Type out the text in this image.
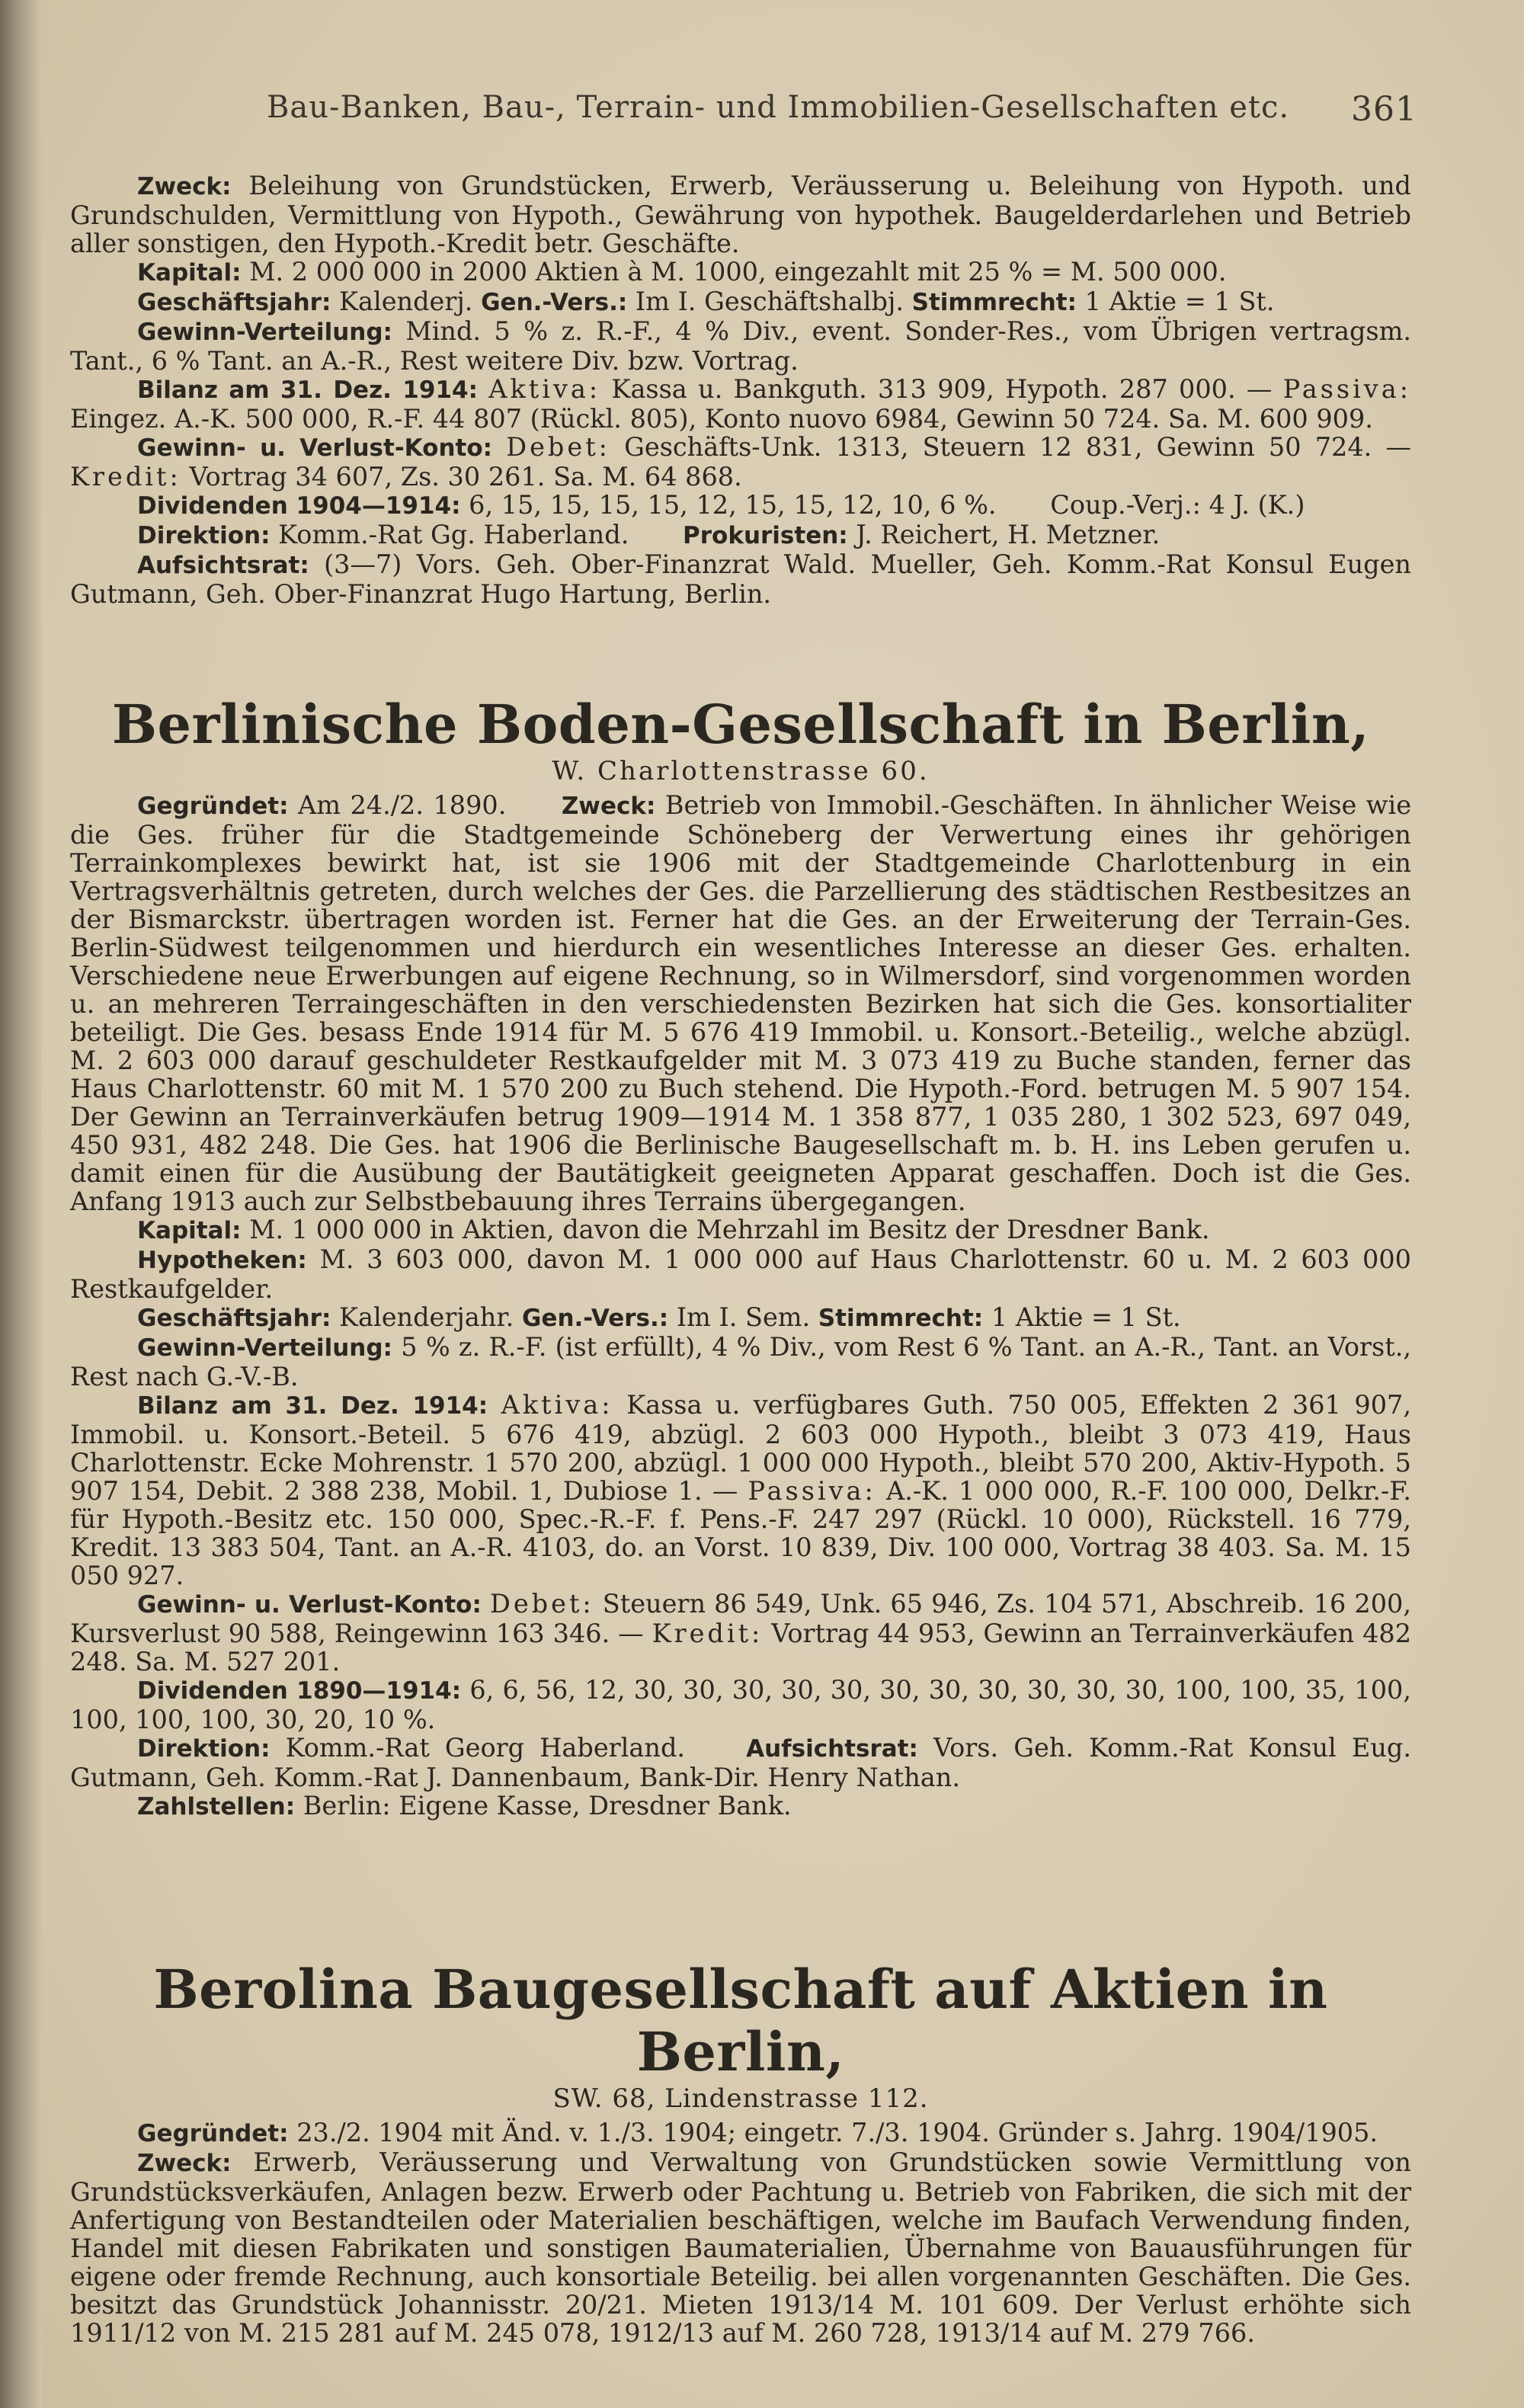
Bau-Banken, Bau-, Terrain- und Immobilien-Gesellschaften etc. 361

Zweck: Beleihung von Grundstücken, Erwerb, Veräusserung u. Beleihung von Hypoth. und Grundschulden, Vermittlung von Hypoth., Gewährung von hypothek. Baugelderdarlehen und Betrieb aller sonstigen, den Hypoth.-Kredit betr. Geschäfte.

Kapital: M. 2 000 000 in 2000 Aktien à M. 1000, eingezahlt mit 25 % = M. 500 000.

Geschäftsjahr: Kalenderj. Gen.-Vers.: Im I. Geschäftshalbj. Stimmrecht: 1 Aktie = 1 St.

Gewinn-Verteilung: Mind. 5 % z. R.-F., 4 % Div., event. Sonder-Res., vom Übrigen vertragsm. Tant., 6 % Tant. an A.-R., Rest weitere Div. bzw. Vortrag.

Bilanz am 31. Dez. 1914: Aktiva: Kassa u. Bankguth. 313 909, Hypoth. 287 000. — Passiva: Eingez. A.-K. 500 000, R.-F. 44 807 (Rückl. 805), Konto nuovo 6984, Gewinn 50 724. Sa. M. 600 909.

Gewinn- u. Verlust-Konto: Debet: Geschäfts-Unk. 1313, Steuern 12 831, Gewinn 50 724. — Kredit: Vortrag 34 607, Zs. 30 261. Sa. M. 64 868.

Dividenden 1904—1914: 6, 15, 15, 15, 15, 12, 15, 15, 12, 10, 6 %. Coup.-Verj.: 4 J. (K.)

Direktion: Komm.-Rat Gg. Haberland. Prokuristen: J. Reichert, H. Metzner.

Aufsichtsrat: (3—7) Vors. Geh. Ober-Finanzrat Wald. Mueller, Geh. Komm.-Rat Konsul Eugen Gutmann, Geh. Ober-Finanzrat Hugo Hartung, Berlin.

Berlinische Boden-Gesellschaft in Berlin,
W. Charlottenstrasse 60.

Gegründet: Am 24./2. 1890. Zweck: Betrieb von Immobil.-Geschäften. In ähnlicher Weise wie die Ges. früher für die Stadtgemeinde Schöneberg der Verwertung eines ihr gehörigen Terrainkomplexes bewirkt hat, ist sie 1906 mit der Stadtgemeinde Charlottenburg in ein Vertragsverhältnis getreten, durch welches der Ges. die Parzellierung des städtischen Restbesitzes an der Bismarckstr. übertragen worden ist. Ferner hat die Ges. an der Erweiterung der Terrain-Ges. Berlin-Südwest teilgenommen und hierdurch ein wesentliches Interesse an dieser Ges. erhalten. Verschiedene neue Erwerbungen auf eigene Rechnung, so in Wilmersdorf, sind vorgenommen worden u. an mehreren Terraingeschäften in den verschiedensten Bezirken hat sich die Ges. konsortialiter beteiligt. Die Ges. besass Ende 1914 für M. 5 676 419 Immobil. u. Konsort.-Beteilig., welche abzügl. M. 2 603 000 darauf geschuldeter Restkaufgelder mit M. 3 073 419 zu Buche standen, ferner das Haus Charlottenstr. 60 mit M. 1 570 200 zu Buch stehend. Die Hypoth.-Ford. betrugen M. 5 907 154. Der Gewinn an Terrainverkäufen betrug 1909—1914 M. 1 358 877, 1 035 280, 1 302 523, 697 049, 450 931, 482 248. Die Ges. hat 1906 die Berlinische Baugesellschaft m. b. H. ins Leben gerufen u. damit einen für die Ausübung der Bautätigkeit geeigneten Apparat geschaffen. Doch ist die Ges. Anfang 1913 auch zur Selbstbebauung ihres Terrains übergegangen.

Kapital: M. 1 000 000 in Aktien, davon die Mehrzahl im Besitz der Dresdner Bank.

Hypotheken: M. 3 603 000, davon M. 1 000 000 auf Haus Charlottenstr. 60 u. M. 2 603 000 Restkaufgelder.

Geschäftsjahr: Kalenderjahr. Gen.-Vers.: Im I. Sem. Stimmrecht: 1 Aktie = 1 St.

Gewinn-Verteilung: 5 % z. R.-F. (ist erfüllt), 4 % Div., vom Rest 6 % Tant. an A.-R., Tant. an Vorst., Rest nach G.-V.-B.

Bilanz am 31. Dez. 1914: Aktiva: Kassa u. verfügbares Guth. 750 005, Effekten 2 361 907, Immobil. u. Konsort.-Beteil. 5 676 419, abzügl. 2 603 000 Hypoth., bleibt 3 073 419, Haus Charlottenstr. Ecke Mohrenstr. 1 570 200, abzügl. 1 000 000 Hypoth., bleibt 570 200, Aktiv-Hypoth. 5 907 154, Debit. 2 388 238, Mobil. 1, Dubiose 1. — Passiva: A.-K. 1 000 000, R.-F. 100 000, Delkr.-F. für Hypoth.-Besitz etc. 150 000, Spec.-R.-F. f. Pens.-F. 247 297 (Rückl. 10 000), Rückstell. 16 779, Kredit. 13 383 504, Tant. an A.-R. 4103, do. an Vorst. 10 839, Div. 100 000, Vortrag 38 403. Sa. M. 15 050 927.

Gewinn- u. Verlust-Konto: Debet: Steuern 86 549, Unk. 65 946, Zs. 104 571, Abschreib. 16 200, Kursverlust 90 588, Reingewinn 163 346. — Kredit: Vortrag 44 953, Gewinn an Terrainverkäufen 482 248. Sa. M. 527 201.

Dividenden 1890—1914: 6, 6, 56, 12, 30, 30, 30, 30, 30, 30, 30, 30, 30, 30, 30, 100, 100, 35, 100, 100, 100, 100, 30, 20, 10 %.

Direktion: Komm.-Rat Georg Haberland.	Aufsichtsrat: Vors. Geh. Komm.-Rat Konsul Eug. Gutmann, Geh. Komm.-Rat J. Dannenbaum, Bank-Dir. Henry Nathan.

Zahlstellen: Berlin: Eigene Kasse, Dresdner Bank.

Berolina Baugesellschaft auf Aktien in Berlin,
SW. 68, Lindenstrasse 112.

Gegründet: 23./2. 1904 mit Änd. v. 1./3. 1904; eingetr. 7./3. 1904. Gründer s. Jahrg. 1904/1905.

Zweck: Erwerb, Veräusserung und Verwaltung von Grundstücken sowie Vermittlung von Grundstücksverkäufen, Anlagen bezw. Erwerb oder Pachtung u. Betrieb von Fabriken, die sich mit der Anfertigung von Bestandteilen oder Materialien beschäftigen, welche im Baufach Verwendung finden, Handel mit diesen Fabrikaten und sonstigen Baumaterialien, Übernahme von Bauausführungen für eigene oder fremde Rechnung, auch konsortiale Beteilig. bei allen vorgenannten Geschäften. Die Ges. besitzt das Grundstück Johannisstr. 20/21. Mieten 1913/14 M. 101 609. Der Verlust erhöhte sich 1911/12 von M. 215 281 auf M. 245 078, 1912/13 auf M. 260 728, 1913/14 auf M. 279 766.
